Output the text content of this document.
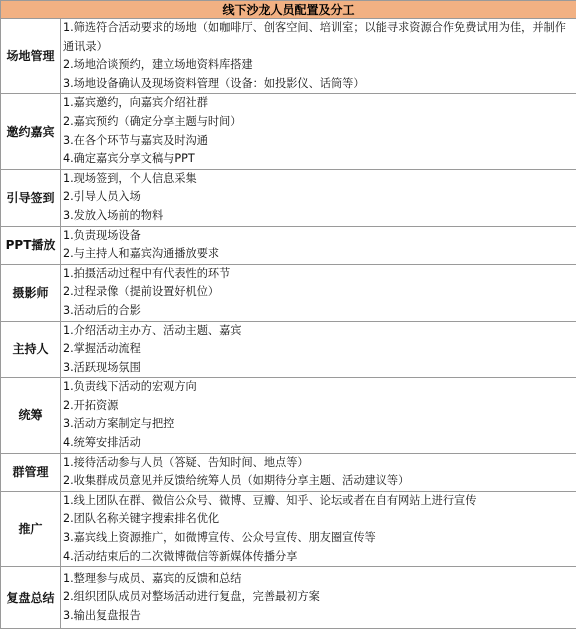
线下沙龙人员配置及分工	
场地管理	1.筛选符合活动要求的场地（如咖啡厅、创客空间、培训室；以能寻求资源合作免费试用为佳，并制作通讯录）
2.场地洽谈预约，建立场地资料库搭建
3.场地设备确认及现场资料管理（设备：如投影仪、话筒等）

邀约嘉宾	1.嘉宾邀约，向嘉宾介绍社群
2.嘉宾预约（确定分享主题与时间）
3.在各个环节与嘉宾及时沟通
4.确定嘉宾分享文稿与PPT

引导签到	1.现场签到，个人信息采集
2.引导人员入场
3.发放入场前的物料

PPT播放	1.负责现场设备
2.与主持人和嘉宾沟通播放要求

摄影师	1.拍摄活动过程中有代表性的环节
2.过程录像（提前设置好机位）
3.活动后的合影

主持人	1.介绍活动主办方、活动主题、嘉宾
2.掌握活动流程
3.活跃现场氛围

统筹	1.负责线下活动的宏观方向
2.开拓资源
3.活动方案制定与把控
4.统筹安排活动

群管理	1.接待活动参与人员（答疑、告知时间、地点等）
2.收集群成员意见并反馈给统筹人员（如期待分享主题、活动建议等）

推广	1.线上团队在群、微信公众号、微博、豆瓣、知乎、论坛或者在自有网站上进行宣传
2.团队名称关键字搜索排名优化
3.嘉宾线上资源推广，如微博宣传、公众号宣传、朋友圈宣传等
4.活动结束后的二次微博微信等新媒体传播分享

复盘总结	1.整理参与成员、嘉宾的反馈和总结
2.组织团队成员对整场活动进行复盘，完善最初方案
3.输出复盘报告
